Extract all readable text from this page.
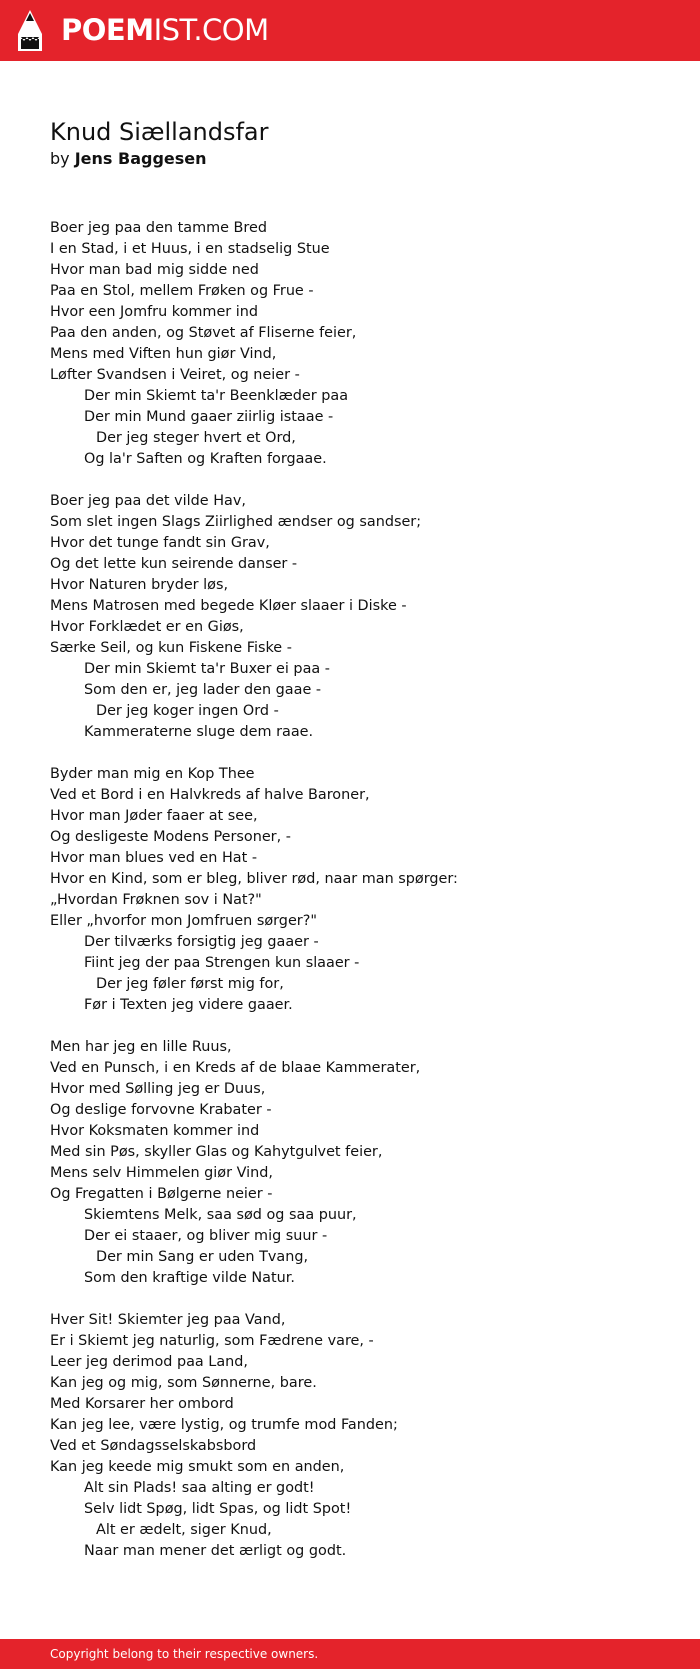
POEMIST.COM
Knud Siællandsfar
by Jens Baggesen
Boer jeg paa den tamme Bred
I en Stad, i et Huus, i en stadselig Stue
Hvor man bad mig sidde ned
Paa en Stol, mellem Frøken og Frue -
Hvor een Jomfru kommer ind
Paa den anden, og Støvet af Fliserne feier,
Mens med Viften hun giør Vind,
Løfter Svandsen i Veiret, og neier -
Der min Skiemt ta'r Beenklæder paa
Der min Mund gaaer ziirlig istaae -
Der jeg steger hvert et Ord,
Og la'r Saften og Kraften forgaae.
Boer jeg paa det vilde Hav,
Som slet ingen Slags Ziirlighed ændser og sandser;
Hvor det tunge fandt sin Grav,
Og det lette kun seirende danser -
Hvor Naturen bryder løs,
Mens Matrosen med begede Kløer slaaer i Diske -
Hvor Forklædet er en Giøs,
Særke Seil, og kun Fiskene Fiske -
Der min Skiemt ta'r Buxer ei paa -
Som den er, jeg lader den gaae -
Der jeg koger ingen Ord -
Kammeraterne sluge dem raae.
Byder man mig en Kop Thee
Ved et Bord i en Halvkreds af halve Baroner,
Hvor man Jøder faaer at see,
Og desligeste Modens Personer, -
Hvor man blues ved en Hat -
Hvor en Kind, som er bleg, bliver rød, naar man spørger:
„Hvordan Frøknen sov i Nat?"
Eller „hvorfor mon Jomfruen sørger?"
Der tilværks forsigtig jeg gaaer -
Fiint jeg der paa Strengen kun slaaer -
Der jeg føler først mig for,
Før i Texten jeg videre gaaer.
Men har jeg en lille Ruus,
Ved en Punsch, i en Kreds af de blaae Kammerater,
Hvor med Sølling jeg er Duus,
Og deslige forvovne Krabater -
Hvor Koksmaten kommer ind
Med sin Pøs, skyller Glas og Kahytgulvet feier,
Mens selv Himmelen giør Vind,
Og Fregatten i Bølgerne neier -
Skiemtens Melk, saa sød og saa puur,
Der ei staaer, og bliver mig suur -
Der min Sang er uden Tvang,
Som den kraftige vilde Natur.
Hver Sit! Skiemter jeg paa Vand,
Er i Skiemt jeg naturlig, som Fædrene vare, -
Leer jeg derimod paa Land,
Kan jeg og mig, som Sønnerne, bare.
Med Korsarer her ombord
Kan jeg lee, være lystig, og trumfe mod Fanden;
Ved et Søndagsselskabsbord
Kan jeg keede mig smukt som en anden,
Alt sin Plads! saa alting er godt!
Selv lidt Spøg, lidt Spas, og lidt Spot!
Alt er ædelt, siger Knud,
Naar man mener det ærligt og godt.
Copyright belong to their respective owners.
